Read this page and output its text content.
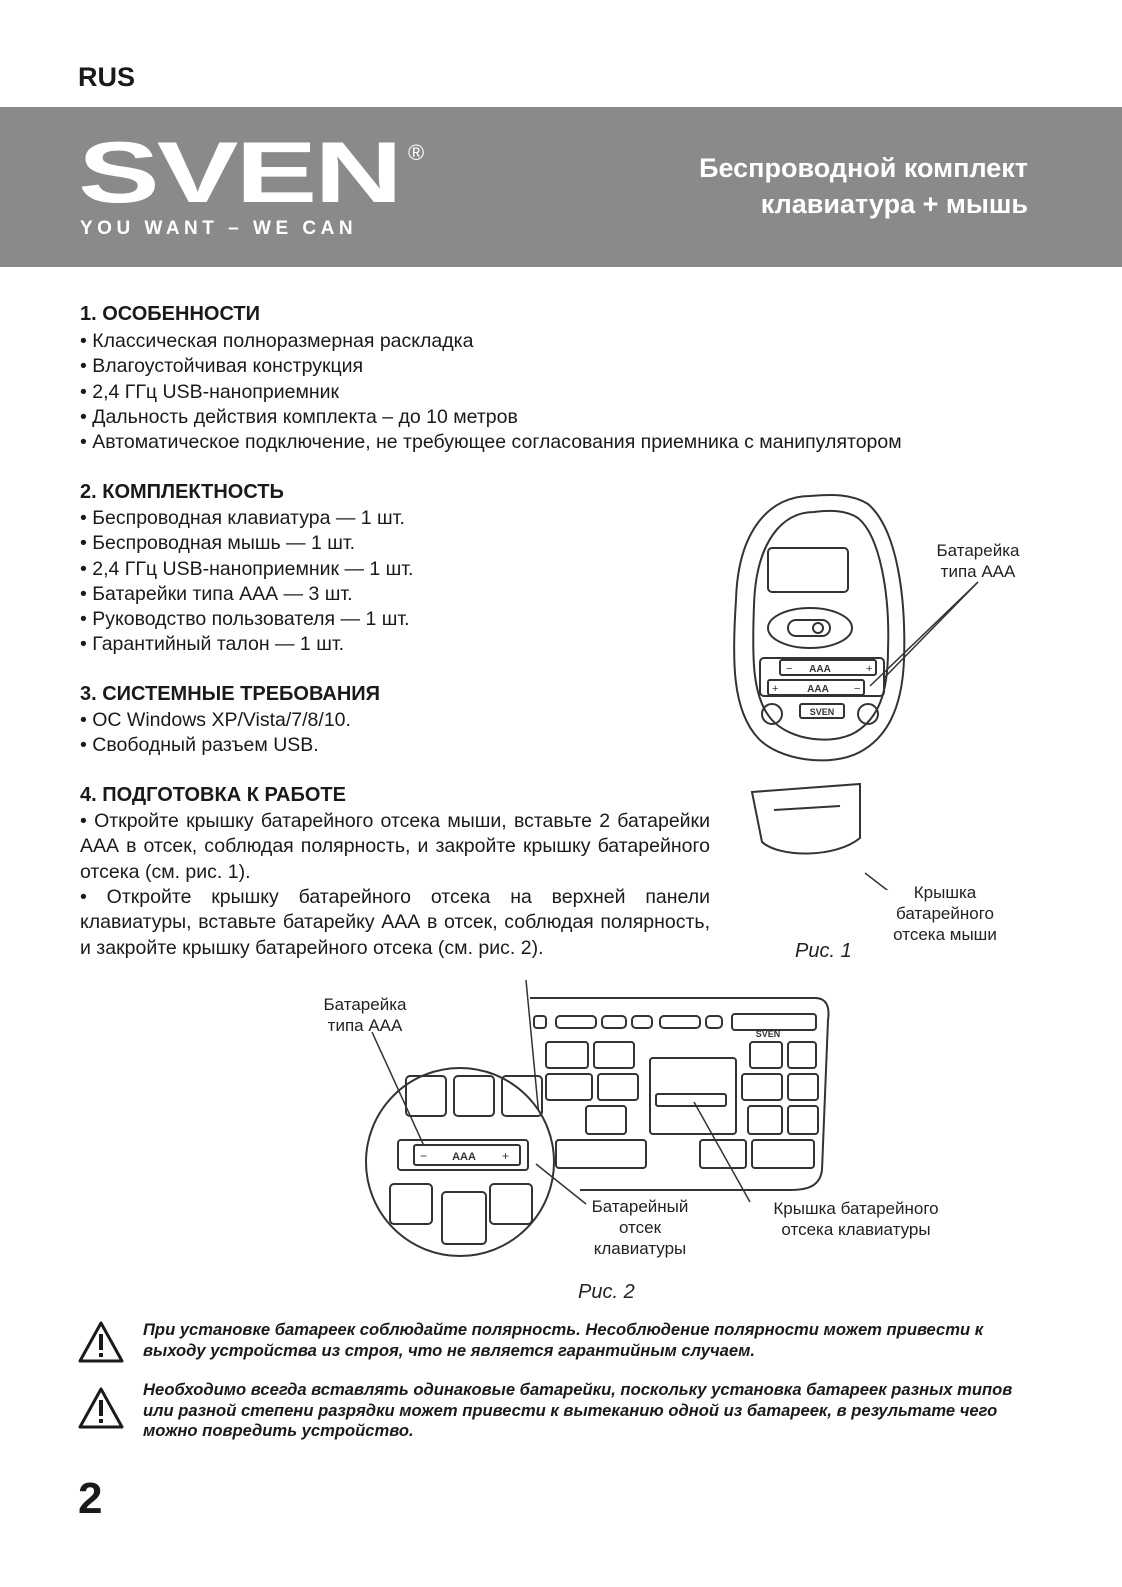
RUS
SVEN ®
YOU WANT – WE CAN
Беспроводной комплект
клавиатура + мышь
1. ОСОБЕННОСТИ
• Классическая полноразмерная раскладка
• Влагоустойчивая конструкция
• 2,4 ГГц USB-наноприемник
• Дальность действия комплекта – до 10 метров
• Автоматическое подключение, не требующее согласования приемника с манипулятором
2. КОМПЛЕКТНОСТЬ
• Беспроводная клавиатура — 1 шт.
• Беспроводная мышь — 1 шт.
• 2,4 ГГц USB-наноприемник — 1 шт.
• Батарейки типа ААА — 3 шт.
• Руководство пользователя — 1 шт.
• Гарантийный талон — 1 шт.
3. СИСТЕМНЫЕ ТРЕБОВАНИЯ
• ОС Windows XP/Vista/7/8/10.
• Свободный разъем USB.
4. ПОДГОТОВКА К РАБОТЕ

• Откройте крышку батарейного отсека мыши, вставьте 2 батарейки ААА в отсек, соблюдая полярность, и закройте крышку батарейного отсека (см. рис. 1).

• Откройте крышку батарейного отсека на верхней панели клавиатуры, вставьте батарейку ААА в отсек, соблюдая полярность, и закройте крышку батарейного отсека (см. рис. 2).

AAA
AAA
−	+
+	−
SVEN
Батарейка
типа ААА
Крышка
батарейного
отсека мыши
Рис. 1
SVEN
AAA
−	+
Батарейка
типа ААА
Батарейный
отсек
клавиатуры
Крышка батарейного
отсека клавиатуры
Рис. 2

При установке батареек соблюдайте полярность. Несоблюдение полярности может привести к выходу устройства из строя, что не является гарантийным случаем.

Необходимо всегда вставлять одинаковые батарейки, поскольку установка батареек разных типов или разной степени разрядки может привести к вытеканию одной из батареек, в результате чего можно повредить устройство.

2
